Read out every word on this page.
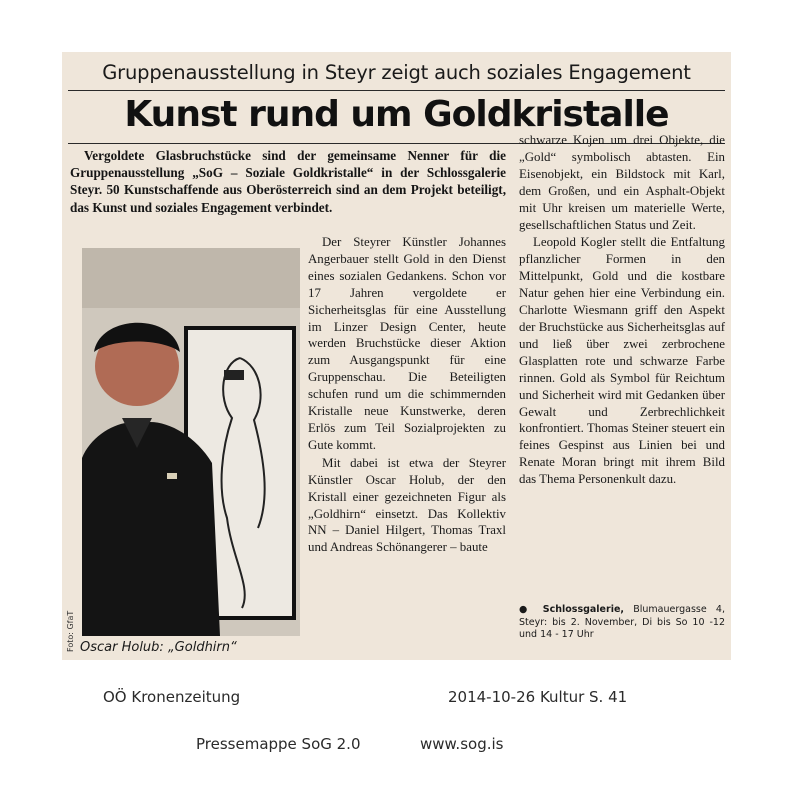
Gruppenausstellung in Steyr zeigt auch soziales Engagement
Kunst rund um Goldkristalle
Vergoldete Glasbruchstücke sind der gemeinsame Nenner für die Gruppenausstellung „SoG – Soziale Goldkristalle“ in der Schlossgalerie Steyr. 50 Kunstschaffende aus Oberösterreich sind an dem Projekt beteiligt, das Kunst und soziales Engagement verbindet.
Foto: GfaT Oscar Holub: „Goldhirn“

Der Steyrer Künstler Johannes Angerbauer stellt Gold in den Dienst eines sozialen Gedankens. Schon vor 17 Jahren vergoldete er Sicherheitsglas für eine Ausstellung im Linzer Design Center, heute werden Bruchstücke dieser Aktion zum Ausgangspunkt für eine Gruppenschau. Die Beteiligten schufen rund um die schimmernden Kristalle neue Kunstwerke, deren Erlös zum Teil Sozialprojekten zu Gute kommt.

Mit dabei ist etwa der Steyrer Künstler Oscar Holub, der den Kristall einer gezeichneten Figur als „Goldhirn“ einsetzt. Das Kollektiv NN – Daniel Hilgert, Thomas Traxl und Andreas Schönangerer – baute

schwarze Kojen um drei Objekte, die „Gold“ symbolisch abtasten. Ein Eisenobjekt, ein Bildstock mit Karl, dem Großen, und ein Asphalt-Objekt mit Uhr kreisen um materielle Werte, gesellschaftlichen Status und Zeit.

Leopold Kogler stellt die Entfaltung pflanzlicher Formen in den Mittelpunkt, Gold und die kostbare Natur gehen hier eine Verbindung ein. Charlotte Wiesmann griff den Aspekt der Bruchstücke aus Sicherheitsglas auf und ließ über zwei zerbrochene Glasplatten rote und schwarze Farbe rinnen. Gold als Symbol für Reichtum und Sicherheit wird mit Gedanken über Gewalt und Zerbrechlichkeit konfrontiert. Thomas Steiner steuert ein feines Gespinst aus Linien bei und Renate Moran bringt mit ihrem Bild das Thema Personenkult dazu.

● Schlossgalerie, Blumauergasse 4, Steyr: bis 2. November, Di bis So 10 -12 und 14 - 17 Uhr
OÖ Kronenzeitung	2014-10-26 Kultur S. 41
Pressemappe SoG 2.0	www.sog.is
